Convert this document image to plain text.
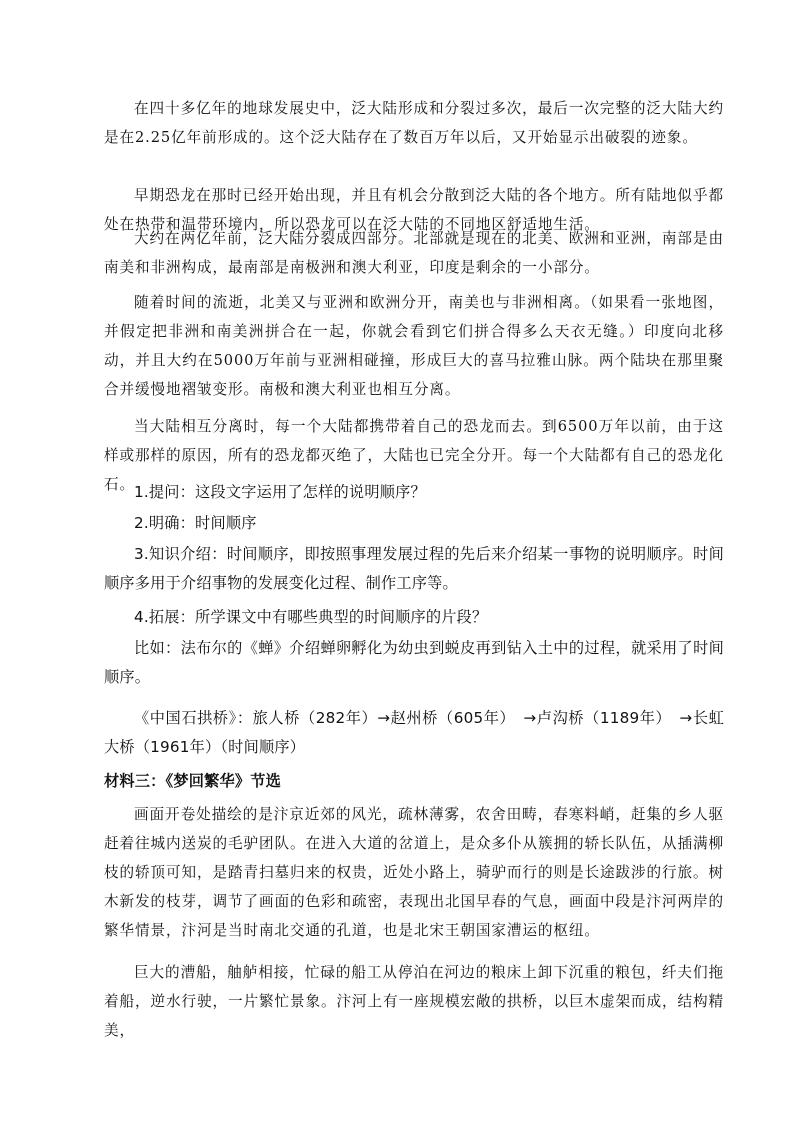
在四十多亿年的地球发展史中，泛大陆形成和分裂过多次，最后一次完整的泛大陆大约是在2.25亿年前形成的。这个泛大陆存在了数百万年以后，又开始显示出破裂的迹象。

早期恐龙在那时已经开始出现，并且有机会分散到泛大陆的各个地方。所有陆地似乎都处在热带和温带环境内，所以恐龙可以在泛大陆的不同地区舒适地生活。

大约在两亿年前，泛大陆分裂成四部分。北部就是现在的北美、欧洲和亚洲，南部是由南美和非洲构成，最南部是南极洲和澳大利亚，印度是剩余的一小部分。

随着时间的流逝，北美又与亚洲和欧洲分开，南美也与非洲相离。（如果看一张地图，并假定把非洲和南美洲拼合在一起，你就会看到它们拼合得多么天衣无缝。）印度向北移动，并且大约在5000万年前与亚洲相碰撞，形成巨大的喜马拉雅山脉。两个陆块在那里聚合并缓慢地褶皱变形。南极和澳大利亚也相互分离。

当大陆相互分离时，每一个大陆都携带着自己的恐龙而去。到6500万年以前，由于这样或那样的原因，所有的恐龙都灭绝了，大陆也已完全分开。每一个大陆都有自己的恐龙化石。 1.提问：这段文字运用了怎样的说明顺序？

2.明确：时间顺序

3.知识介绍：时间顺序，即按照事理发展过程的先后来介绍某一事物的说明顺序。时间顺序多用于介绍事物的发展变化过程、制作工序等。

4.拓展：所学课文中有哪些典型的时间顺序的片段？

比如：法布尔的《蝉》介绍蝉卵孵化为幼虫到蜕皮再到钻入土中的过程，就采用了时间顺序。

《中国石拱桥》：旅人桥（282年）→赵州桥（605年）　→卢沟桥（1189年）　→长虹大桥（1961年）（时间顺序）

材料三：《梦回繁华》节选

画面开卷处描绘的是汴京近郊的风光，疏林薄雾，农舍田畴，春寒料峭，赶集的乡人驱赶着往城内送炭的毛驴团队。在进入大道的岔道上，是众多仆从簇拥的轿长队伍，从插满柳枝的轿顶可知，是踏青扫墓归来的权贵，近处小路上，骑驴而行的则是长途跋涉的行旅。树木新发的枝芽，调节了画面的色彩和疏密，表现出北国早春的气息，画面中段是汴河两岸的繁华情景，汴河是当时南北交通的孔道，也是北宋王朝国家漕运的枢纽。

巨大的漕船，舳舻相接，忙碌的船工从停泊在河边的粮床上卸下沉重的粮包，纤夫们拖着船，逆水行驶，一片繁忙景象。汴河上有一座规模宏敞的拱桥，以巨木虚架而成，结构精美，
